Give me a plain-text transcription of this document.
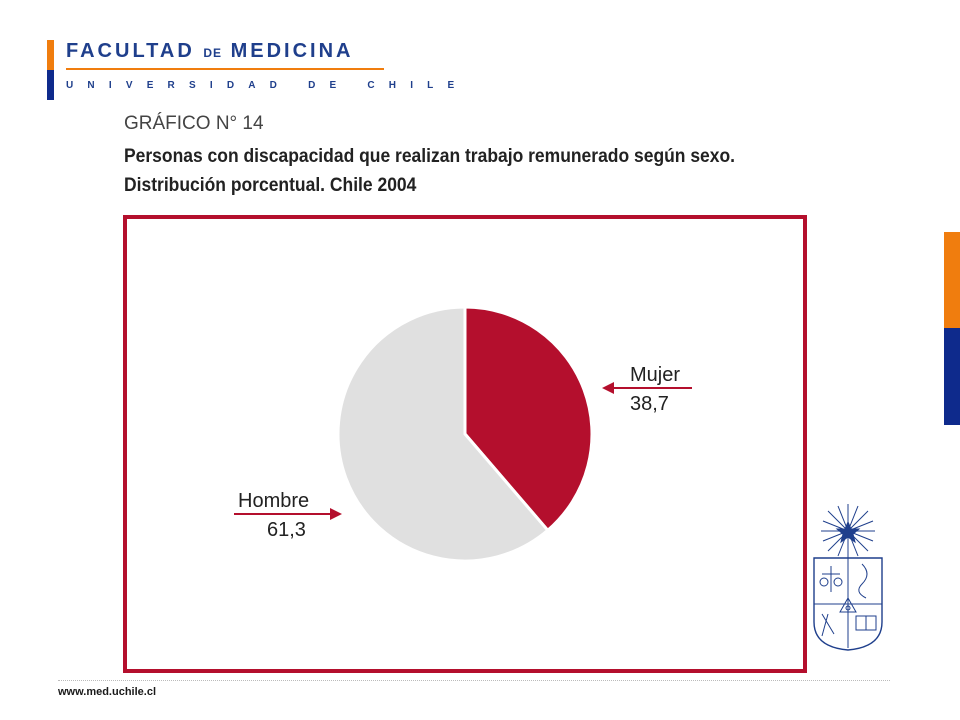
FACULTAD DE MEDICINA
UNIVERSIDAD DE CHILE
GRÁFICO N° 14
Personas con discapacidad que realizan trabajo remunerado según sexo.
Distribución porcentual. Chile 2004
Mujer
38,7
Hombre
61,3
www.med.uchile.cl
